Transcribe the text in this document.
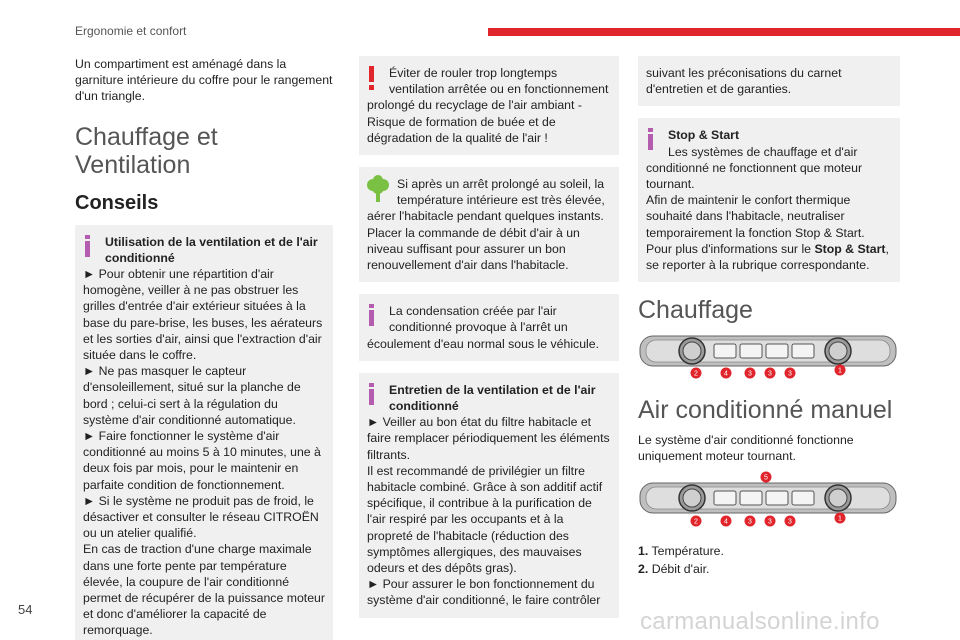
Ergonomie et confort

Un compartiment est aménagé dans la garniture intérieure du coffre pour le rangement d'un triangle.

Chauffage et Ventilation
Conseils

Utilisation de la ventilation et de l'air conditionné

► Pour obtenir une répartition d'air homogène, veiller à ne pas obstruer les grilles d'entrée d'air extérieur situées à la base du pare-brise, les buses, les aérateurs et les sorties d'air, ainsi que l'extraction d'air située dans le coffre.

► Ne pas masquer le capteur d'ensoleillement, situé sur la planche de bord ; celui-ci sert à la régulation du système d'air conditionné automatique.

► Faire fonctionner le système d'air conditionné au moins 5 à 10 minutes, une à deux fois par mois, pour le maintenir en parfaite condition de fonctionnement.

► Si le système ne produit pas de froid, le désactiver et consulter le réseau CITROËN ou un atelier qualifié.

En cas de traction d'une charge maximale dans une forte pente par température élevée, la coupure de l'air conditionné permet de récupérer de la puissance moteur et donc d'améliorer la capacité de remorquage.

Éviter de rouler trop longtemps ventilation arrêtée ou en fonctionnement

prolongé du recyclage de l'air ambiant - Risque de formation de buée et de dégradation de la qualité de l'air !

Si après un arrêt prolongé au soleil, la température intérieure est très élevée,

aérer l'habitacle pendant quelques instants. Placer la commande de débit d'air à un niveau suffisant pour assurer un bon renouvellement d'air dans l'habitacle.

La condensation créée par l'air conditionné provoque à l'arrêt un

écoulement d'eau normal sous le véhicule.

Entretien de la ventilation et de l'air conditionné

► Veiller au bon état du filtre habitacle et faire remplacer périodiquement les éléments filtrants.

Il est recommandé de privilégier un filtre habitacle combiné. Grâce à son additif actif spécifique, il contribue à la purification de l'air respiré par les occupants et à la propreté de l'habitacle (réduction des symptômes allergiques, des mauvaises odeurs et des dépôts gras).

► Pour assurer le bon fonctionnement du système d'air conditionné, le faire contrôler

suivant les préconisations du carnet d'entretien et de garanties.

Stop & Start

Les systèmes de chauffage et d'air

conditionné ne fonctionnent que moteur tournant.
Afin de maintenir le confort thermique souhaité dans l'habitacle, neutraliser temporairement la fonction Stop & Start.
Pour plus d'informations sur le Stop & Start, se reporter à la rubrique correspondante.

Chauffage
2	4	3 3 3	1
Air conditionné manuel

Le système d'air conditionné fonctionne uniquement moteur tournant.

5
2	4	3 3 3	1

1. Température.

2. Débit d'air.

54	carmanualsonline.info
